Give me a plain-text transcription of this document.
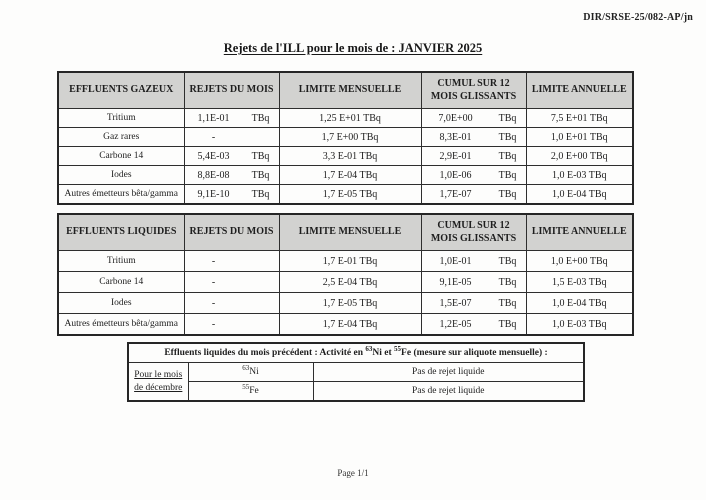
DIR/SRSE-25/082-AP/jn
Rejets de l'ILL pour le mois de : JANVIER 2025
EFFLUENTS GAZEUX	REJETS DU MOIS	LIMITE MENSUELLE	CUMUL SUR 12 MOIS GLISSANTS	LIMITE ANNUELLE
Tritium	1,1E-01 TBq	1,25 E+01 TBq	7,0E+00 TBq	7,5 E+01 TBq
Gaz rares	-	1,7 E+00 TBq	8,3E-01 TBq	1,0 E+01 TBq
Carbone 14	5,4E-03 TBq	3,3 E-01 TBq	2,9E-01 TBq	2,0 E+00 TBq
Iodes	8,8E-08 TBq	1,7 E-04 TBq	1,0E-06 TBq	1,0 E-03 TBq
Autres émetteurs bêta/gamma	9,1E-10 TBq	1,7 E-05 TBq	1,7E-07 TBq	1,0 E-04 TBq
EFFLUENTS LIQUIDES	REJETS DU MOIS	LIMITE MENSUELLE	CUMUL SUR 12 MOIS GLISSANTS	LIMITE ANNUELLE
Tritium	-	1,7 E-01 TBq	1,0E-01 TBq	1,0 E+00 TBq
Carbone 14	-	2,5 E-04 TBq	9,1E-05 TBq	1,5 E-03 TBq
Iodes	-	1,7 E-05 TBq	1,5E-07 TBq	1,0 E-04 TBq
Autres émetteurs bêta/gamma	-	1,7 E-04 TBq	1,2E-05 TBq	1,0 E-03 TBq
Effluents liquides du mois précédent : Activité en $^{63}$Ni et $^{55}$Fe (mesure sur aliquote mensuelle) :		

Pour le mois
de décembre	$^{63}$Ni	Pas de rejet liquide
	$^{55}$Fe	Pas de rejet liquide
Page 1/1
